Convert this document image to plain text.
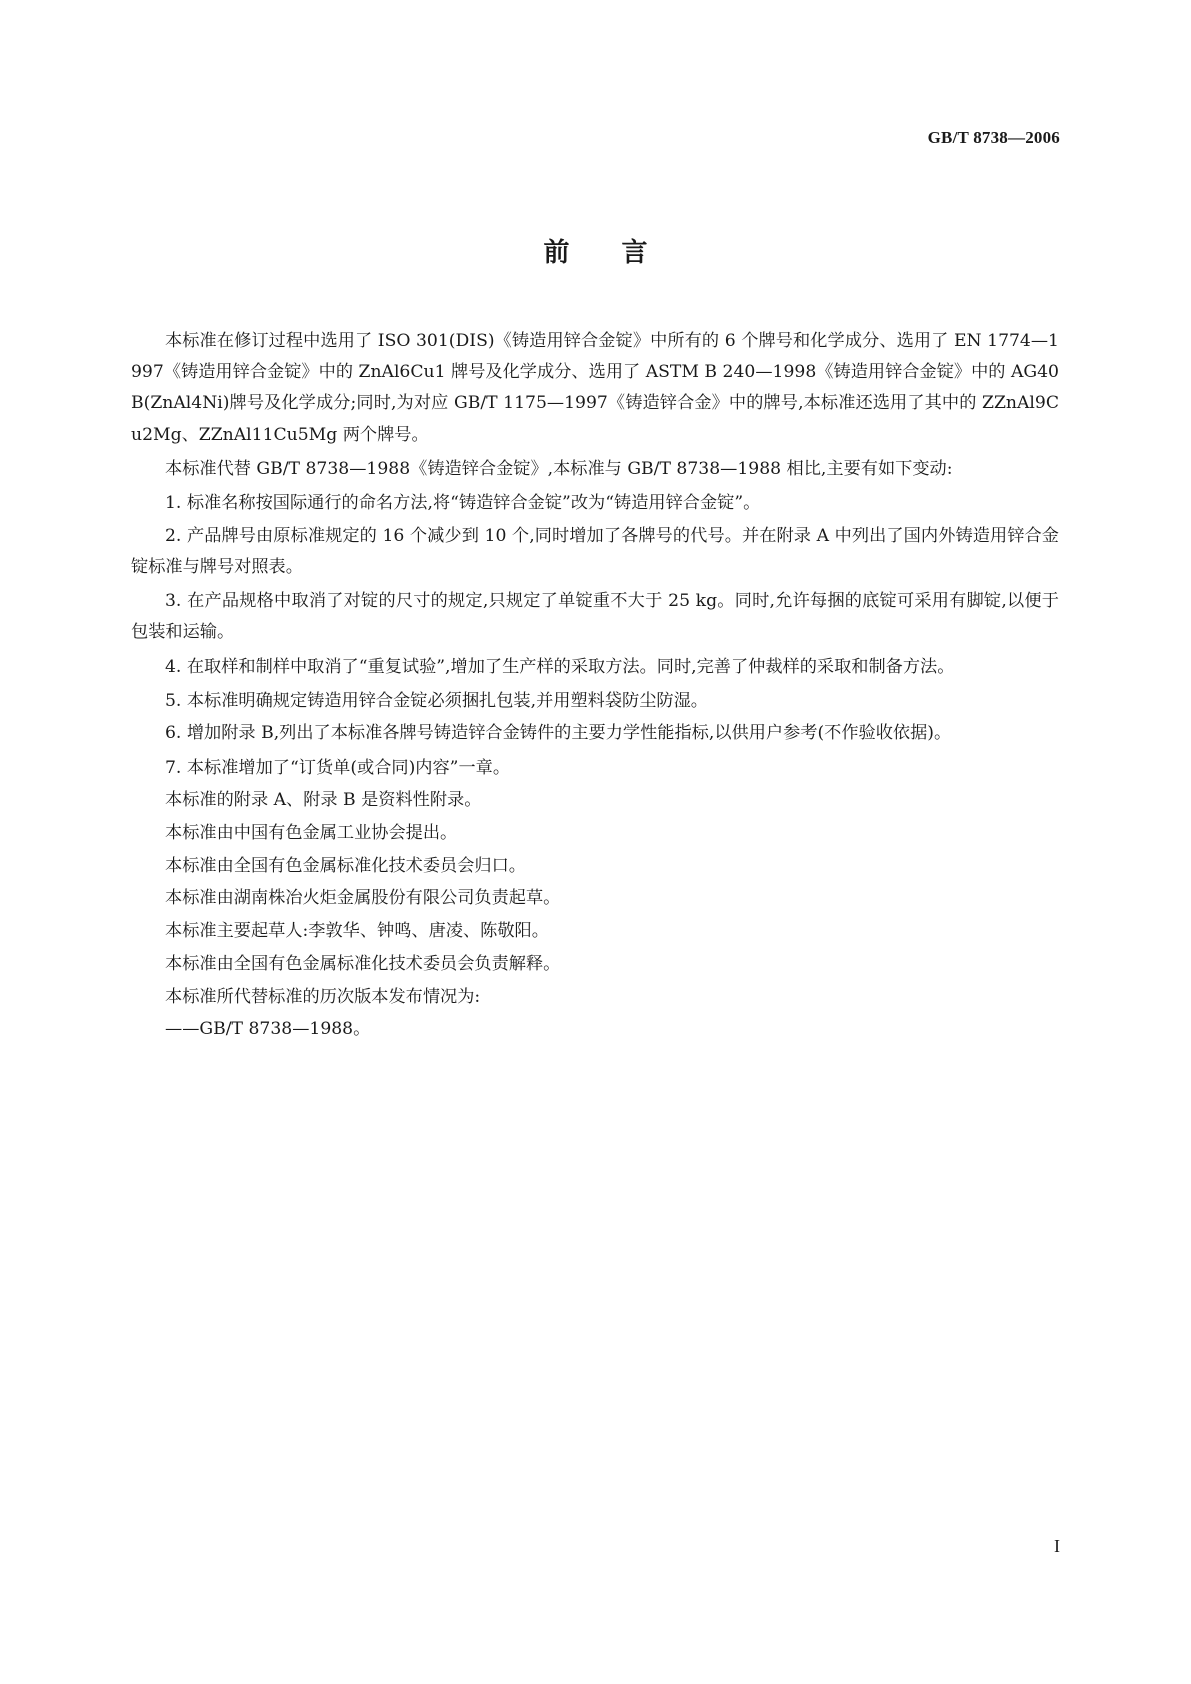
GB/T 8738—2006
前言

本标准在修订过程中选用了 ISO 301(DIS)《铸造用锌合金锭》中所有的 6 个牌号和化学成分、选用了 EN 1774—1997《铸造用锌合金锭》中的 ZnAl6Cu1 牌号及化学成分、选用了 ASTM B 240—1998《铸造用锌合金锭》中的 AG40B(ZnAl4Ni)牌号及化学成分;同时,为对应 GB/T 1175—1997《铸造锌合金》中的牌号,本标准还选用了其中的 ZZnAl9Cu2Mg、ZZnAl11Cu5Mg 两个牌号。

本标准代替 GB/T 8738—1988《铸造锌合金锭》,本标准与 GB/T 8738—1988 相比,主要有如下变动:

1. 标准名称按国际通行的命名方法,将“铸造锌合金锭”改为“铸造用锌合金锭”。

2. 产品牌号由原标准规定的 16 个减少到 10 个,同时增加了各牌号的代号。并在附录 A 中列出了国内外铸造用锌合金锭标准与牌号对照表。

3. 在产品规格中取消了对锭的尺寸的规定,只规定了单锭重不大于 25 kg。同时,允许每捆的底锭可采用有脚锭,以便于包装和运输。

4. 在取样和制样中取消了“重复试验”,增加了生产样的采取方法。同时,完善了仲裁样的采取和制备方法。

5. 本标准明确规定铸造用锌合金锭必须捆扎包装,并用塑料袋防尘防湿。

6. 增加附录 B,列出了本标准各牌号铸造锌合金铸件的主要力学性能指标,以供用户参考(不作验收依据)。

7. 本标准增加了“订货单(或合同)内容”一章。

本标准的附录 A、附录 B 是资料性附录。

本标准由中国有色金属工业协会提出。

本标准由全国有色金属标准化技术委员会归口。

本标准由湖南株冶火炬金属股份有限公司负责起草。

本标准主要起草人:李敦华、钟鸣、唐凌、陈敬阳。

本标准由全国有色金属标准化技术委员会负责解释。

本标准所代替标准的历次版本发布情况为:

——GB/T 8738—1988。

I
